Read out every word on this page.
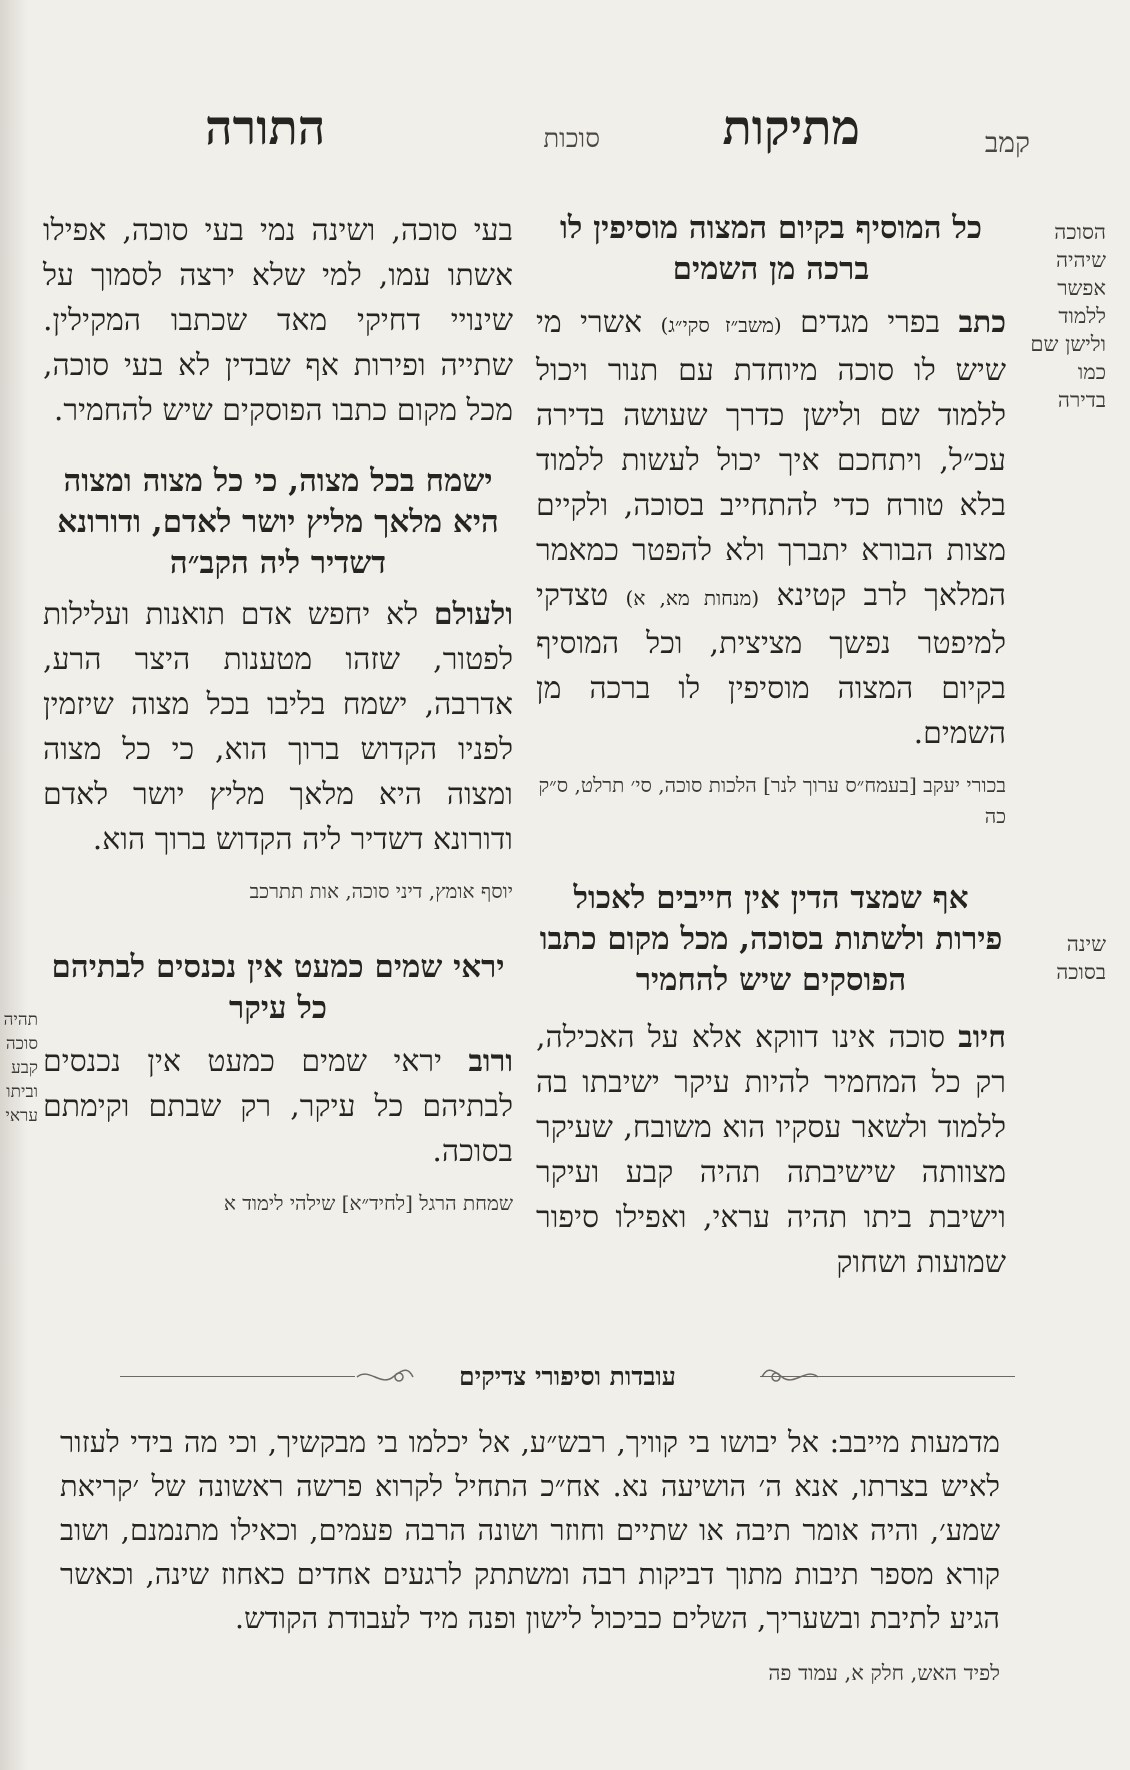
קמב
מתיקות
סוכות
התורה
הסוכה שיהיה אפשר ללמוד ולישן שם כמו בדירה
שינה בסוכה
תהיה סוכה קבע וביתו עראי
כל המוסיף בקיום המצוה מוסיפין לו ברכה מן השמים

כתב בפרי מגדים (משב״ז סקי״ג) אשרי מי שיש לו סוכה מיוחדת עם תנור ויכול ללמוד שם ולישן כדרך שעושה בדירה עכ״ל, ויתחכם איך יכול לעשות ללמוד בלא טורח כדי להתחייב בסוכה, ולקיים מצות הבורא יתברך ולא להפטר כמאמר המלאך לרב קטינא (מנחות מא, א) טצדקי למיפטר נפשך מציצית, וכל המוסיף בקיום המצוה מוסיפין לו ברכה מן השמים.

בכורי יעקב [בעמח״ס ערוך לנר] הלכות סוכה, סי׳ תרלט, ס״ק כה
אף שמצד הדין אין חייבים לאכול פירות ולשתות בסוכה, מכל מקום כתבו הפוסקים שיש להחמיר

חיוב סוכה אינו דווקא אלא על האכילה, רק כל המחמיר להיות עיקר ישיבתו בה ללמוד ולשאר עסקיו הוא משובח, שעיקר מצוותה שישיבתה תהיה קבע ועיקר וישיבת ביתו תהיה עראי, ואפילו סיפור שמועות ושחוק

בעי סוכה, ושינה נמי בעי סוכה, אפילו אשתו עמו, למי שלא ירצה לסמוך על שינויי דחיקי מאד שכתבו המקילין. שתייה ופירות אף שבדין לא בעי סוכה, מכל מקום כתבו הפוסקים שיש להחמיר.

ישמח בכל מצוה, כי כל מצוה ומצוה היא מלאך מליץ יושר לאדם, ודורונא דשדיר ליה הקב״ה

ולעולם לא יחפש אדם תואנות ועלילות לפטור, שזהו מטענות היצר הרע, אדרבה, ישמח בליבו בכל מצוה שיזמין לפניו הקדוש ברוך הוא, כי כל מצוה ומצוה היא מלאך מליץ יושר לאדם ודורונא דשדיר ליה הקדוש ברוך הוא.

יוסף אומץ, דיני סוכה, אות תתרכב
יראי שמים כמעט אין נכנסים לבתיהם כל עיקר

ורוב יראי שמים כמעט אין נכנסים לבתיהם כל עיקר, רק שבתם וקימתם בסוכה.

שמחת הרגל [לחיד״א] שילהי לימוד א
עובדות וסיפורי צדיקים

מדמעות מייבב: אל יבושו בי קוויך, רבש״ע, אל יכלמו בי מבקשיך, וכי מה בידי לעזור לאיש בצרתו, אנא ה׳ הושיעה נא. אח״כ התחיל לקרוא פרשה ראשונה של ׳קריאת שמע׳, והיה אומר תיבה או שתיים וחוזר ושונה הרבה פעמים, וכאילו מתנמנם, ושוב קורא מספר תיבות מתוך דביקות רבה ומשתתק לרגעים אחדים כאחוז שינה, וכאשר הגיע לתיבת ובשעריך, השלים כביכול לישון ופנה מיד לעבודת הקודש.

לפיד האש, חלק א, עמוד פה
